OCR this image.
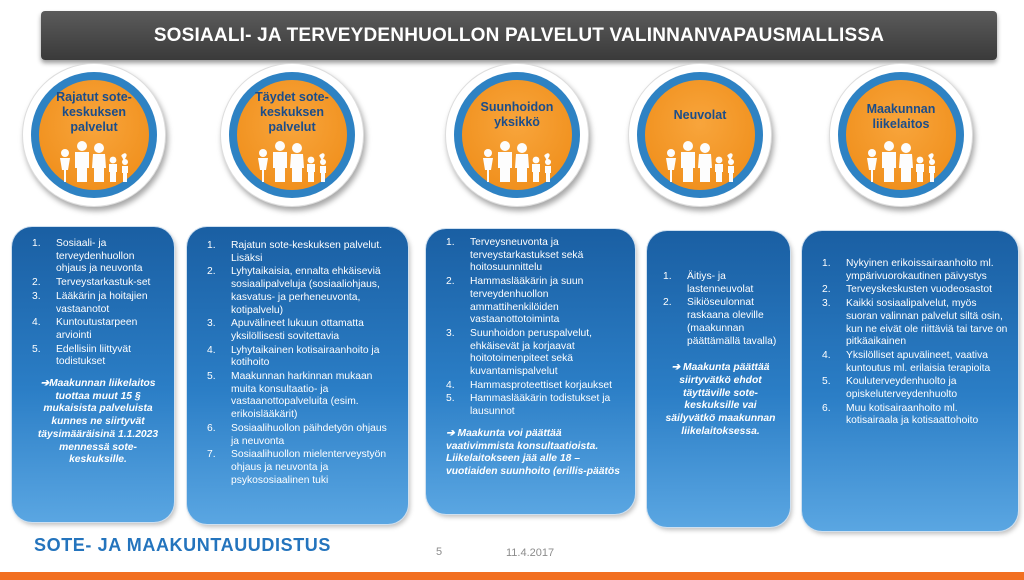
SOSIAALI- JA TERVEYDENHUOLLON PALVELUT VALINNANVAPAUSMALLISSA
Rajatut sote-keskuksen palvelut
Täydet sote-keskuksen palvelut
Suunhoidon yksikkö	Neuvolat	Maakunnan liikelaitos
1.	Sosiaali- ja terveydenhuollon ohjaus ja neuvonta
2.	Terveystarkastuk-set
3.	Lääkärin ja hoitajien vastaanotot
4.	Kuntoutustarpeen arviointi
5.	Edellisiin liittyvät todistukset
➔Maakunnan liikelaitos tuottaa muut 15 § mukaisista palveluista kunnes ne siirtyvät täysimääräisinä 1.1.2023 mennessä sote-keskuksille.
1.	Rajatun sote-keskuksen palvelut. Lisäksi
2.	Lyhytaikaisia, ennalta ehkäiseviä sosiaalipalveluja (sosiaaliohjaus, kasvatus- ja perheneuvonta, kotipalvelu)
3.	Apuvälineet lukuun ottamatta yksilöllisesti sovitettavia
4.	Lyhytaikainen kotisairaanhoito ja kotihoito
5.	Maakunnan harkinnan mukaan muita konsultaatio- ja vastaanottopalveluita (esim. erikoislääkärit)
6.	Sosiaalihuollon päihdetyön ohjaus ja neuvonta
7.	Sosiaalihuollon mielenterveystyön ohjaus ja neuvonta ja psykososiaalinen tuki
1.	Terveysneuvonta ja terveystarkastukset sekä hoitosuunnittelu
2.	Hammaslääkärin ja suun terveydenhuollon ammattihenkilöiden vastaanottotoiminta
3.	Suunhoidon peruspalvelut, ehkäisevät ja korjaavat hoitotoimenpiteet sekä kuvantamispalvelut
4.	Hammasproteettiset korjaukset
5.	Hammaslääkärin todistukset ja lausunnot
➔ Maakunta voi päättää vaativimmista konsultaatioista. Liikelaitokseen jää alle 18 – vuotiaiden suunhoito (erillis-päätös
1.	Äitiys- ja lastenneuvolat
2.	Sikiöseulonnat raskaana oleville (maakunnan päättämällä tavalla)
➔ Maakunta päättää siirtyvätkö ehdot täyttäville sote-keskuksille vai säilyvätkö maakunnan liikelaitoksessa.
1.	Nykyinen erikoissairaanhoito ml. ympärivuorokautinen päivystys
2.	Terveyskeskusten vuodeosastot
3.	Kaikki sosiaalipalvelut, myös suoran valinnan palvelut siltä osin, kun ne eivät ole riittäviä tai tarve on pitkäaikainen
4.	Yksilölliset apuvälineet, vaativa kuntoutus ml. erilaisia terapioita
5.	Kouluterveydenhuolto ja opiskeluterveydenhuolto
6.	Muu kotisairaanhoito ml. kotisairaala ja kotisaattohoito
SOTE- JA MAAKUNTAUUDISTUS	5	11.4.2017
